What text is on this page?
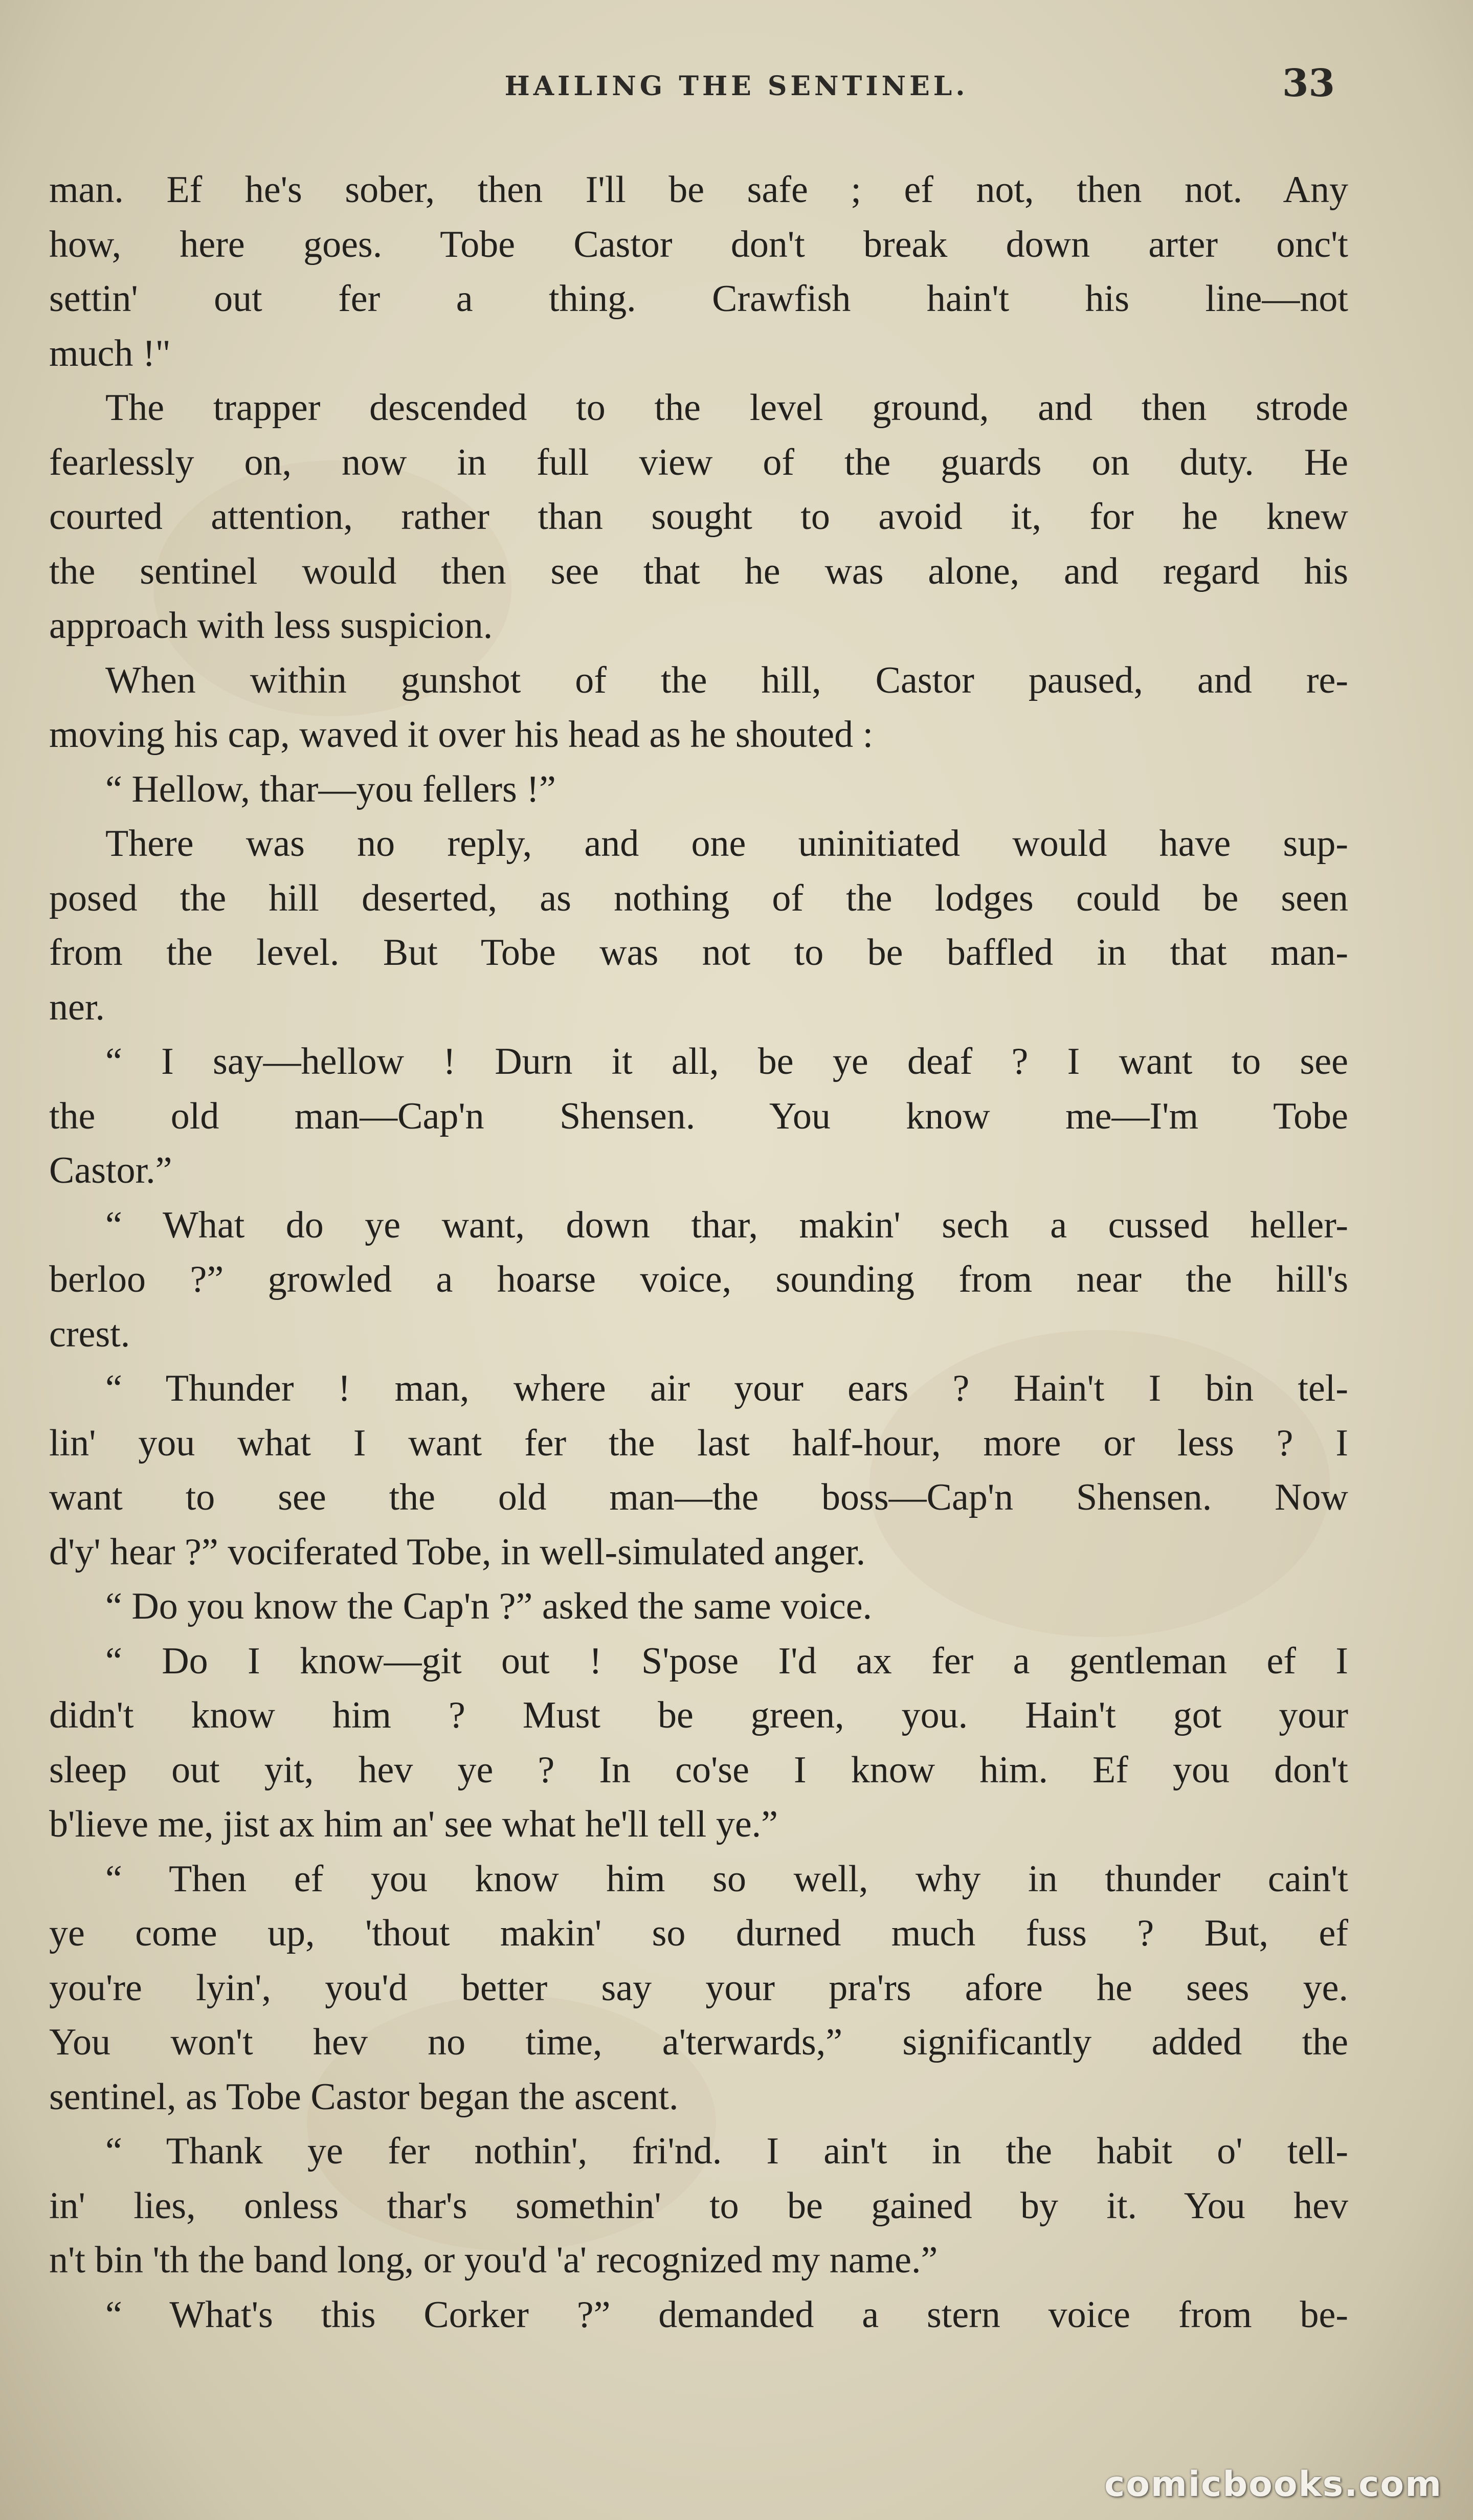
HAILING THE SENTINEL.	33
man. Ef he's sober, then I'll be safe ; ef not, then not. Any
how, here goes. Tobe Castor don't break down arter onc't
settin' out fer a thing. Crawfish hain't his line—not
much !"
The trapper descended to the level ground, and then strode
fearlessly on, now in full view of the guards on duty. He
courted attention, rather than sought to avoid it, for he knew
the sentinel would then see that he was alone, and regard his
approach with less suspicion.
When within gunshot of the hill, Castor paused, and re-
moving his cap, waved it over his head as he shouted :
“ Hellow, thar—you fellers !”
There was no reply, and one uninitiated would have sup-
posed the hill deserted, as nothing of the lodges could be seen
from the level. But Tobe was not to be baffled in that man-
ner.
“ I say—hellow ! Durn it all, be ye deaf ? I want to see
the old man—Cap'n Shensen. You know me—I'm Tobe
Castor.”
“ What do ye want, down thar, makin' sech a cussed heller-
berloo ?” growled a hoarse voice, sounding from near the hill's
crest.
“ Thunder ! man, where air your ears ? Hain't I bin tel-
lin' you what I want fer the last half-hour, more or less ? I
want to see the old man—the boss—Cap'n Shensen. Now
d'y' hear ?” vociferated Tobe, in well-simulated anger.
“ Do you know the Cap'n ?” asked the same voice.
“ Do I know—git out ! S'pose I'd ax fer a gentleman ef I
didn't know him ? Must be green, you. Hain't got your
sleep out yit, hev ye ? In co'se I know him. Ef you don't
b'lieve me, jist ax him an' see what he'll tell ye.”
“ Then ef you know him so well, why in thunder cain't
ye come up, 'thout makin' so durned much fuss ? But, ef
you're lyin', you'd better say your pra'rs afore he sees ye.
You won't hev no time, a'terwards,” significantly added the
sentinel, as Tobe Castor began the ascent.
“ Thank ye fer nothin', fri'nd. I ain't in the habit o' tell-
in' lies, onless thar's somethin' to be gained by it. You hev
n't bin 'th the band long, or you'd 'a' recognized my name.”
“ What's this Corker ?” demanded a stern voice from be-
comicbooks.com
